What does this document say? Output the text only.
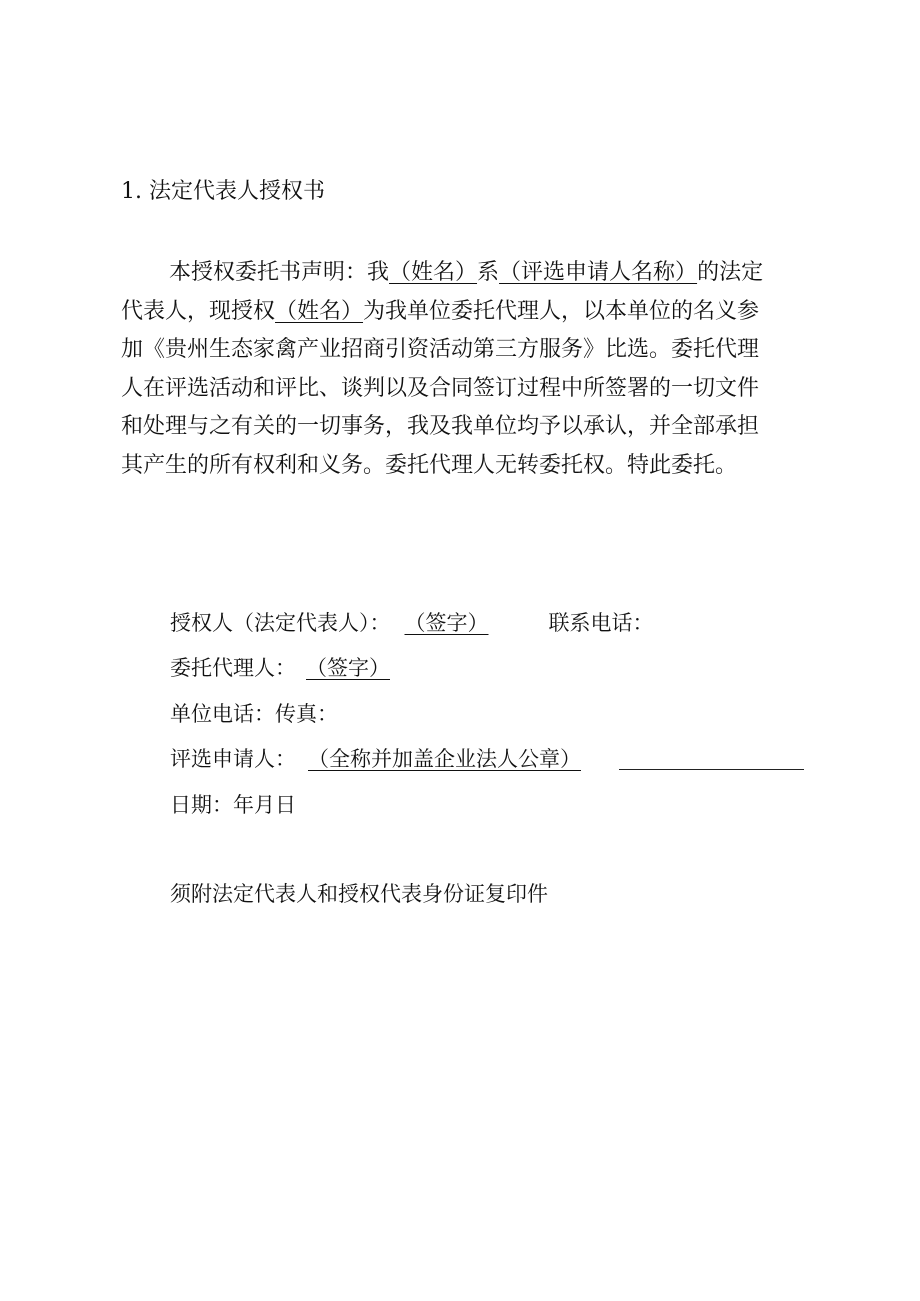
1. 法定代表人授权书
本授权委托书声明：我（姓名）系（评选申请人名称）的法定
代表人，现授权（姓名）为我单位委托代理人，以本单位的名义参
加《贵州生态家禽产业招商引资活动第三方服务》比选。委托代理
人在评选活动和评比、谈判以及合同签订过程中所签署的一切文件
和处理与之有关的一切事务，我及我单位均予以承认，并全部承担
其产生的所有权利和义务。委托代理人无转委托权。特此委托。
授权人（法定代表人）： （签字）	联系电话：
委托代理人： （签字）
单位电话：传真：
评选申请人： （全称并加盖企业法人公章）
日期：年月日
须附法定代表人和授权代表身份证复印件
